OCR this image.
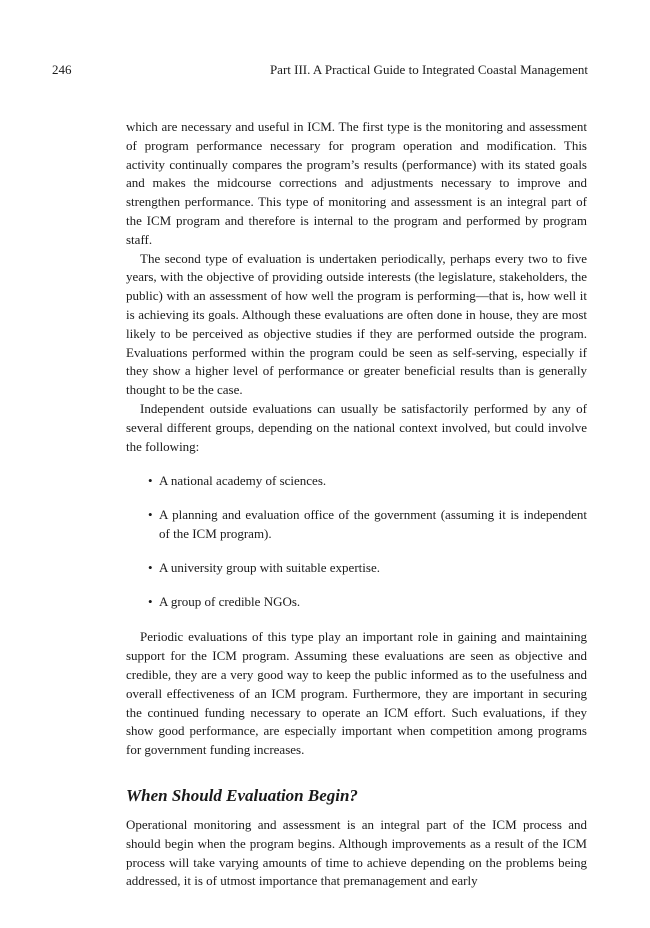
246	Part III. A Practical Guide to Integrated Coastal Management

which are necessary and useful in ICM. The first type is the monitoring and assessment of program performance necessary for program operation and modification. This activity continually compares the program’s results (performance) with its stated goals and makes the midcourse corrections and adjustments necessary to improve and strengthen performance. This type of monitoring and assessment is an integral part of the ICM program and therefore is internal to the program and performed by program staff.

The second type of evaluation is undertaken periodically, perhaps every two to five years, with the objective of providing outside interests (the legislature, stakeholders, the public) with an assessment of how well the program is performing—that is, how well it is achieving its goals. Although these evaluations are often done in house, they are most likely to be perceived as objective studies if they are performed outside the program. Evaluations performed within the program could be seen as self-serving, especially if they show a higher level of performance or greater beneficial results than is generally thought to be the case.

Independent outside evaluations can usually be satisfactorily performed by any of several different groups, depending on the national context involved, but could involve the following:

• A national academy of sciences.
• A planning and evaluation office of the government (assuming it is independent of the ICM program).
• A university group with suitable expertise.
• A group of credible NGOs.

Periodic evaluations of this type play an important role in gaining and maintaining support for the ICM program. Assuming these evaluations are seen as objective and credible, they are a very good way to keep the public informed as to the usefulness and overall effectiveness of an ICM program. Furthermore, they are important in securing the continued funding necessary to operate an ICM effort. Such evaluations, if they show good performance, are especially important when competition among programs for government funding increases.

When Should Evaluation Begin?

Operational monitoring and assessment is an integral part of the ICM process and should begin when the program begins. Although improvements as a result of the ICM process will take varying amounts of time to achieve depending on the problems being addressed, it is of utmost importance that premanagement and early
